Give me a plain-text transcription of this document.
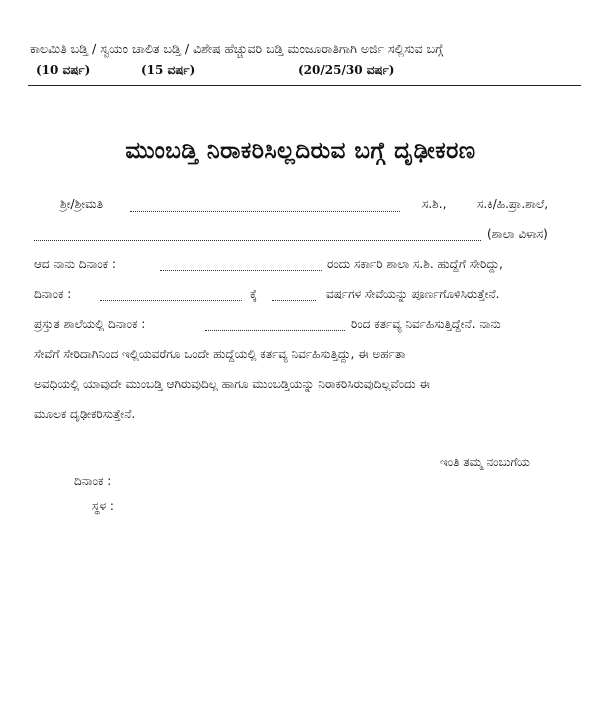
ಕಾಲಮಿತಿ ಬಡ್ತಿ / ಸ್ವಯಂ ಚಾಲಿತ ಬಡ್ತಿ / ವಿಶೇಷ ಹೆಚ್ಚುವರಿ ಬಡ್ತಿ ಮಂಜೂರಾತಿಗಾಗಿ ಅರ್ಜಿ ಸಲ್ಲಿಸುವ ಬಗ್ಗೆ
(10 ವರ್ಷ)	(15 ವರ್ಷ)	(20/25/30 ವರ್ಷ)
ಮುಂಬಡ್ತಿ ನಿರಾಕರಿಸಿಲ್ಲದಿರುವ ಬಗ್ಗೆ ದೃಢೀಕರಣ
ಶ್ರೀ/ಶ್ರೀಮತಿ	ಸ.ಶಿ.,	ಸ.ಕಿ/ಹಿ.ಪ್ರಾ.ಶಾಲೆ,
(ಶಾಲಾ ವಿಳಾಸ)
ಆದ ನಾನು ದಿನಾಂಕ :	ರಂದು ಸರ್ಕಾರಿ ಶಾಲಾ ಸ.ಶಿ. ಹುದ್ದೆಗೆ ಸೇರಿದ್ದು,
ದಿನಾಂಕ :	ಕ್ಕೆ	ವರ್ಷಗಳ ಸೇವೆಯನ್ನು ಪೂರ್ಣಗೊಳಿಸಿರುತ್ತೇನೆ.
ಪ್ರಸ್ತುತ ಶಾಲೆಯಲ್ಲಿ ದಿನಾಂಕ :	ರಿಂದ ಕರ್ತವ್ಯ ನಿರ್ವಹಿಸುತ್ತಿದ್ದೇನೆ. ನಾನು
ಸೇವೆಗೆ ಸೇರಿದಾಗಿನಿಂದ ಇಲ್ಲಿಯವರೆಗೂ ಒಂದೇ ಹುದ್ದೆಯಲ್ಲಿ ಕರ್ತವ್ಯ ನಿರ್ವಹಿಸುತ್ತಿದ್ದು, ಈ ಅರ್ಹತಾ
ಅವಧಿಯಲ್ಲಿ ಯಾವುದೇ ಮುಂಬಡ್ತಿ ಆಗಿರುವುದಿಲ್ಲ ಹಾಗೂ ಮುಂಬಡ್ತಿಯನ್ನು ನಿರಾಕರಿಸಿರುವುದಿಲ್ಲವೆಂದು ಈ
ಮೂಲಕ ದೃಢೀಕರಿಸುತ್ತೇನೆ.
ಇಂತಿ ತಮ್ಮ ನಂಬುಗೆಯ
ದಿನಾಂಕ :
ಸ್ಥಳ :
